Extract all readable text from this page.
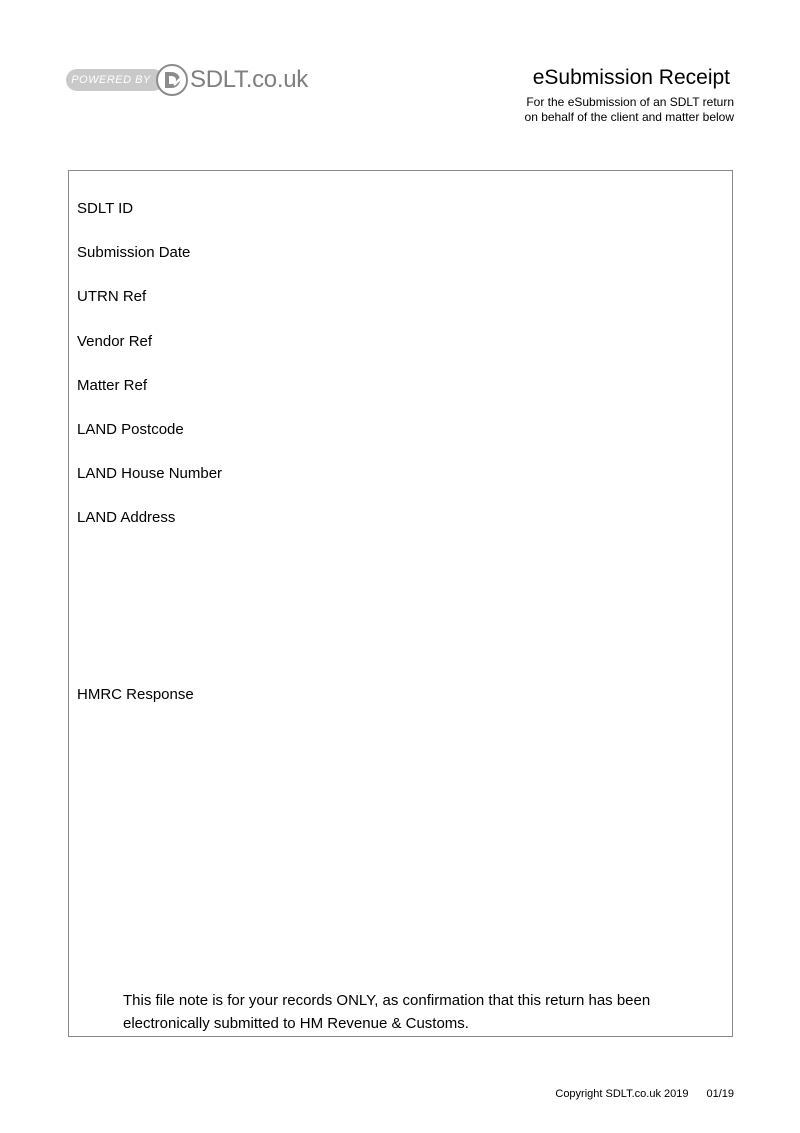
POWERED BY	SDLT.co.uk	eSubmission Receipt
For the eSubmission of an SDLT return
on behalf of the client and matter below
SDLT ID
Submission Date
UTRN Ref
Vendor Ref
Matter Ref
LAND Postcode
LAND House Number
LAND Address
HMRC Response
This file note is for your records ONLY, as confirmation that this return has been electronically submitted to HM Revenue & Customs.
Copyright SDLT.co.uk 2019 01/19
